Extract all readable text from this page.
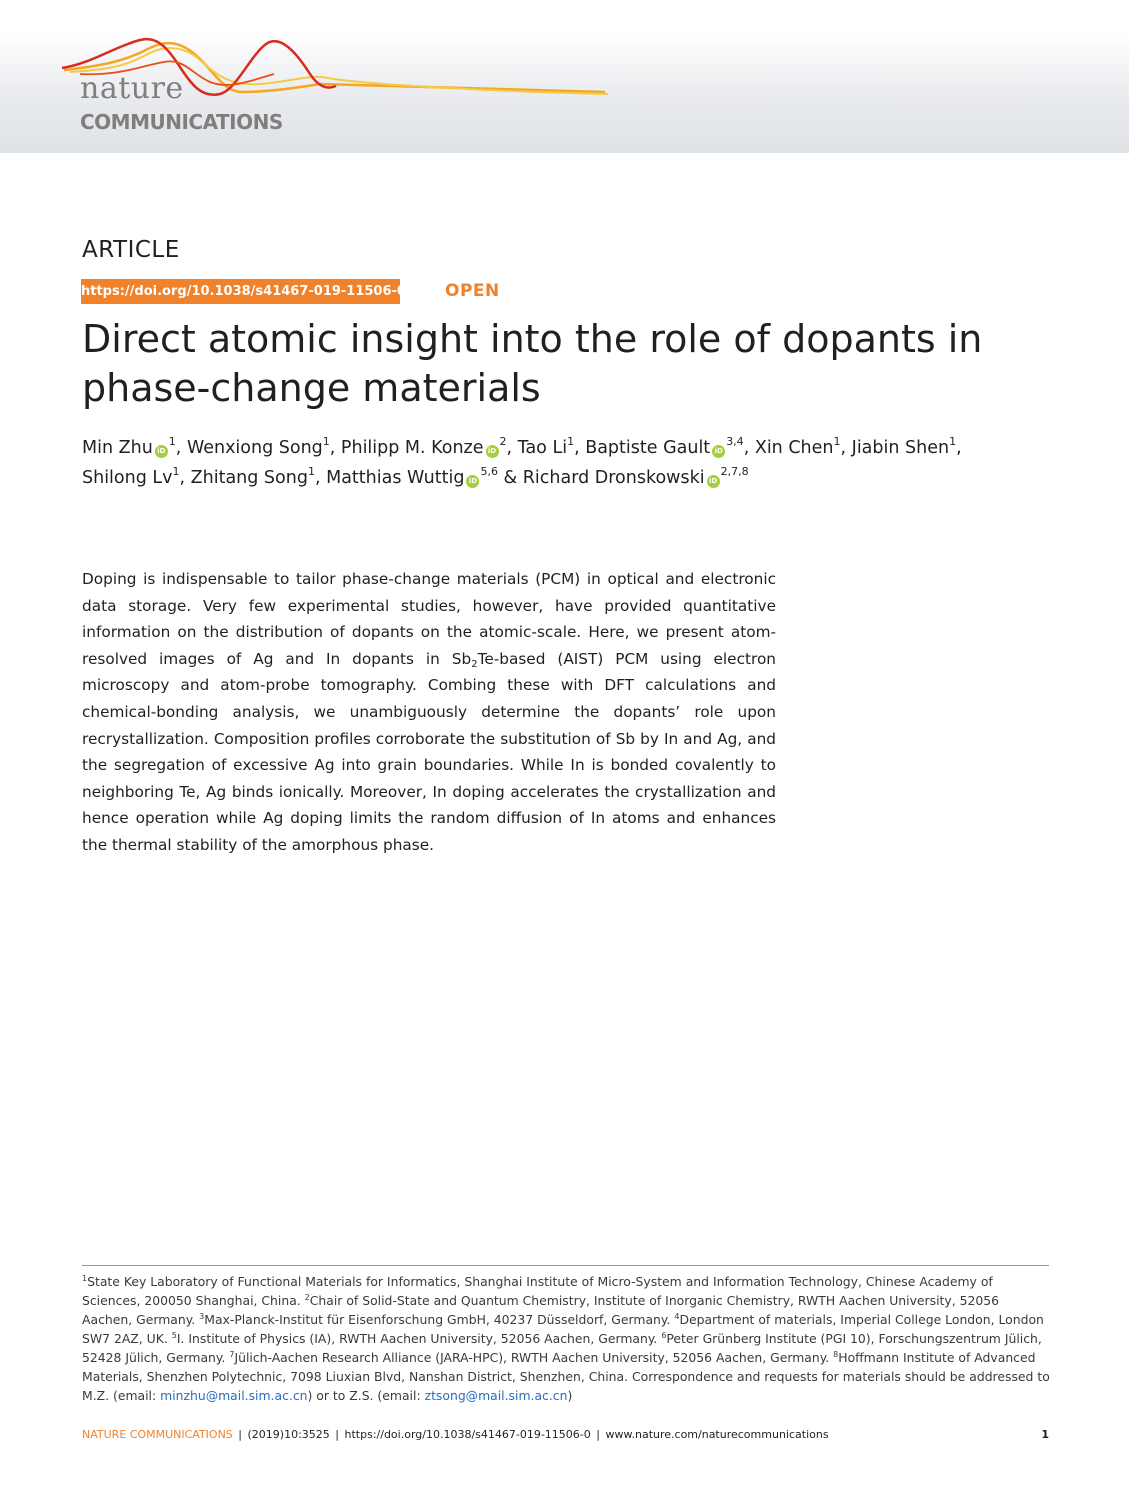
nature
COMMUNICATIONS
ARTICLE
https://doi.org/10.1038/s41467-019-11506-0 OPEN
Direct atomic insight into the role of dopants in phase-change materials
Min Zhu $iD^1$, Wenxiong Song$^1$, Philipp M. Konze $iD^2$, Tao Li$^1$, Baptiste Gault iD$^{3,4}$, Xin Chen$^1$, Jiabin Shen$^1$, Shilong Lv$^1$, Zhitang Song$^1$, Matthias Wuttig iD$^{5,6}$ & Richard Dronskowski iD$^{2,7,8}$

Doping is indispensable to tailor phase-change materials (PCM) in optical and electronic data storage. Very few experimental studies, however, have provided quantitative information on the distribution of dopants on the atomic-scale. Here, we present atom-resolved images of Ag and In dopants in $Sb_2Te$-based (AIST) PCM using electron microscopy and atom-probe tomography. Combing these with DFT calculations and chemical-bonding analysis, we unambiguously determine the dopants’ role upon recrystallization. Composition profiles corroborate the substitution of Sb by In and Ag, and the segregation of excessive Ag into grain boundaries. While In is bonded covalently to neighboring Te, Ag binds ionically. Moreover, In doping accelerates the crystallization and hence operation while Ag doping limits the random diffusion of In atoms and enhances the thermal stability of the amorphous phase.

$^1$State Key Laboratory of Functional Materials for Informatics, Shanghai Institute of Micro-System and Information Technology, Chinese Academy of Sciences, 200050 Shanghai, China. $^2$Chair of Solid-State and Quantum Chemistry, Institute of Inorganic Chemistry, RWTH Aachen University, 52056 Aachen, Germany. $^3$Max-Planck-Institut für Eisenforschung GmbH, 40237 Düsseldorf, Germany. $^4$Department of materials, Imperial College London, London SW7 2AZ, UK. $^5$I. Institute of Physics (IA), RWTH Aachen University, 52056 Aachen, Germany. $^6$Peter Grünberg Institute (PGI 10), Forschungszentrum Jülich, 52428 Jülich, Germany. $^7$Jülich-Aachen Research Alliance (JARA-HPC), RWTH Aachen University, 52056 Aachen, Germany. $^8$Hoffmann Institute of Advanced Materials, Shenzhen Polytechnic, 7098 Liuxian Blvd, Nanshan District, Shenzhen, China. Correspondence and requests for materials should be addressed to M.Z. (email: minzhu@mail.sim.ac.cn) or to Z.S. (email: ztsong@mail.sim.ac.cn)

NATURE COMMUNICATIONS | (2019)10:3525 | https://doi.org/10.1038/s41467-019-11506-0 | www.nature.com/naturecommunications	1
